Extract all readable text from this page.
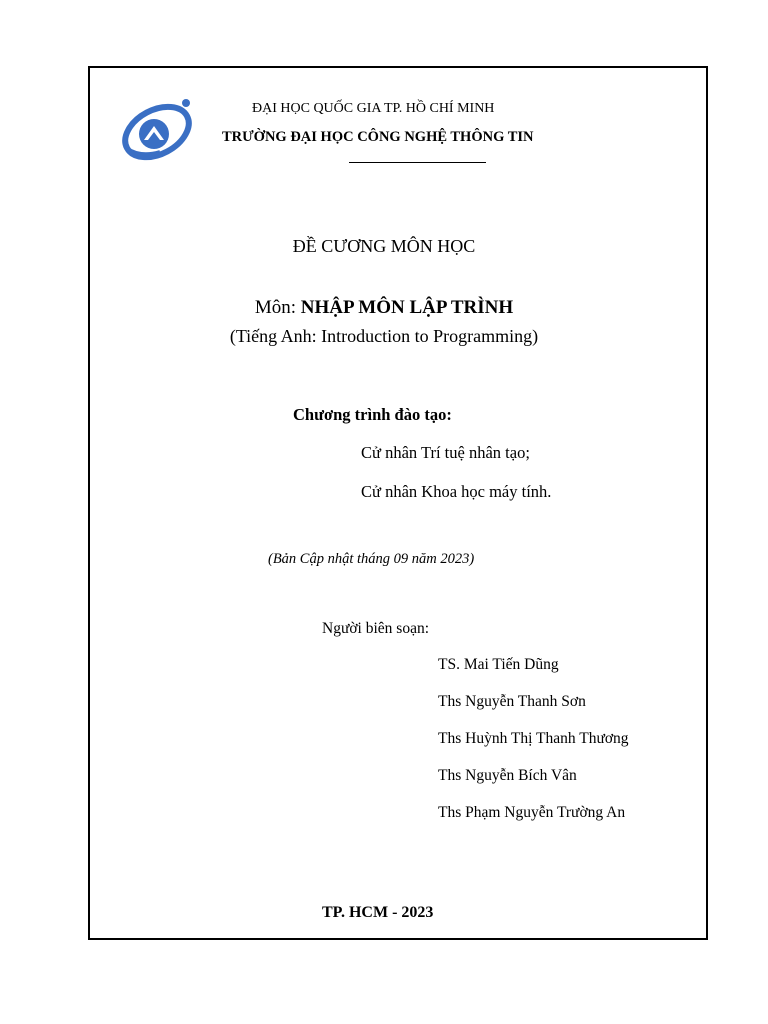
ĐẠI HỌC QUỐC GIA TP. HỒ CHÍ MINH
TRƯỜNG ĐẠI HỌC CÔNG NGHỆ THÔNG TIN
ĐỀ CƯƠNG MÔN HỌC
Môn: NHẬP MÔN LẬP TRÌNH
(Tiếng Anh: Introduction to Programming)
Chương trình đào tạo:
Cử nhân Trí tuệ nhân tạo;
Cử nhân Khoa học máy tính.
(Bản Cập nhật tháng 09 năm 2023)
Người biên soạn:
TS. Mai Tiến Dũng
Ths Nguyễn Thanh Sơn
Ths Huỳnh Thị Thanh Thương
Ths Nguyễn Bích Vân
Ths Phạm Nguyễn Trường An
TP. HCM - 2023
